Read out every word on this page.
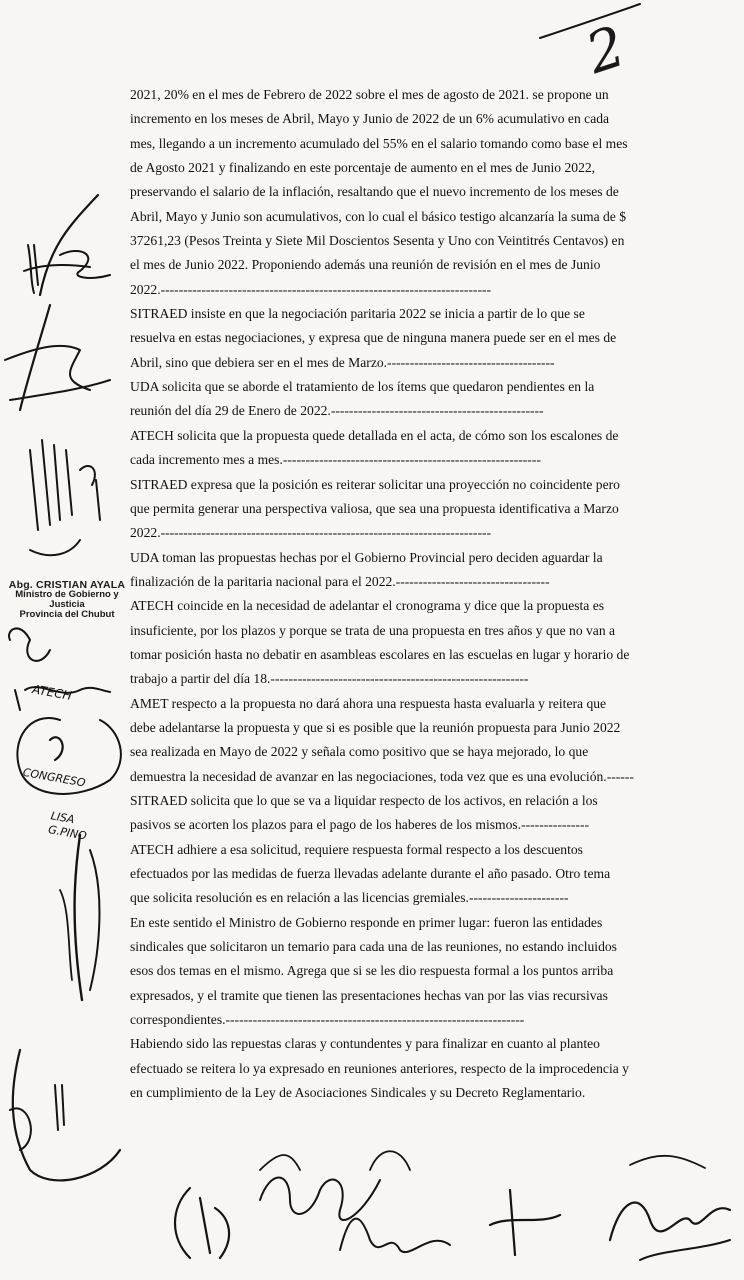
2
2021, 20% en el mes de Febrero de 2022 sobre el mes de agosto de 2021. se propone un
incremento en los meses de Abril, Mayo y Junio de 2022 de un 6% acumulativo en cada
mes, llegando a un incremento acumulado del 55% en el salario tomando como base el mes
de Agosto 2021 y finalizando en este porcentaje de aumento en el mes de Junio 2022,
preservando el salario de la inflación, resaltando que el nuevo incremento de los meses de
Abril, Mayo y Junio son acumulativos, con lo cual el básico testigo alcanzaría la suma de $
37261,23 (Pesos Treinta y Siete Mil Doscientos Sesenta y Uno con Veintitrés Centavos) en
el mes de Junio 2022. Proponiendo además una reunión de revisión en el mes de Junio
2022.-------------------------------------------------------------------------
SITRAED insiste en que la negociación paritaria 2022 se inicia a partir de lo que se
resuelva en estas negociaciones, y expresa que de ninguna manera puede ser en el mes de
Abril, sino que debiera ser en el mes de Marzo.-------------------------------------
UDA solicita que se aborde el tratamiento de los ítems que quedaron pendientes en la
reunión del día 29 de Enero de 2022.-----------------------------------------------
ATECH solicita que la propuesta quede detallada en el acta, de cómo son los escalones de
cada incremento mes a mes.---------------------------------------------------------
SITRAED expresa que la posición es reiterar solicitar una proyección no coincidente pero
que permita generar una perspectiva valiosa, que sea una propuesta identificativa a Marzo
2022.-------------------------------------------------------------------------
UDA toman las propuestas hechas por el Gobierno Provincial pero deciden aguardar la
finalización de la paritaria nacional para el 2022.----------------------------------
ATECH coincide en la necesidad de adelantar el cronograma y dice que la propuesta es
insuficiente, por los plazos y porque se trata de una propuesta en tres años y que no van a
tomar posición hasta no debatir en asambleas escolares en las escuelas en lugar y horario de
trabajo a partir del día 18.---------------------------------------------------------
AMET respecto a la propuesta no dará ahora una respuesta hasta evaluarla y reitera que
debe adelantarse la propuesta y que si es posible que la reunión propuesta para Junio 2022
sea realizada en Mayo de 2022 y señala como positivo que se haya mejorado, lo que
demuestra la necesidad de avanzar en las negociaciones, toda vez que es una evolución.------
SITRAED solicita que lo que se va a liquidar respecto de los activos, en relación a los
pasivos se acorten los plazos para el pago de los haberes de los mismos.---------------
ATECH adhiere a esa solicitud, requiere respuesta formal respecto a los descuentos
efectuados por las medidas de fuerza llevadas adelante durante el año pasado. Otro tema
que solicita resolución es en relación a las licencias gremiales.----------------------
En este sentido el Ministro de Gobierno responde en primer lugar: fueron las entidades
sindicales que solicitaron un temario para cada una de las reuniones, no estando incluidos
esos dos temas en el mismo. Agrega que si se les dio respuesta formal a los puntos arriba
expresados, y el tramite que tienen las presentaciones hechas van por las vias recursivas
correspondientes.------------------------------------------------------------------
Habiendo sido las repuestas claras y contundentes y para finalizar en cuanto al planteo
efectuado se reitera lo ya expresado en reuniones anteriores, respecto de la improcedencia y
en cumplimiento de la Ley de Asociaciones Sindicales y su Decreto Reglamentario.
Abg. CRISTIAN AYALA
Ministro de Gobierno y Justicia
Provincia del Chubut
ATECH
CONGRESO
LISA
G.PINO
